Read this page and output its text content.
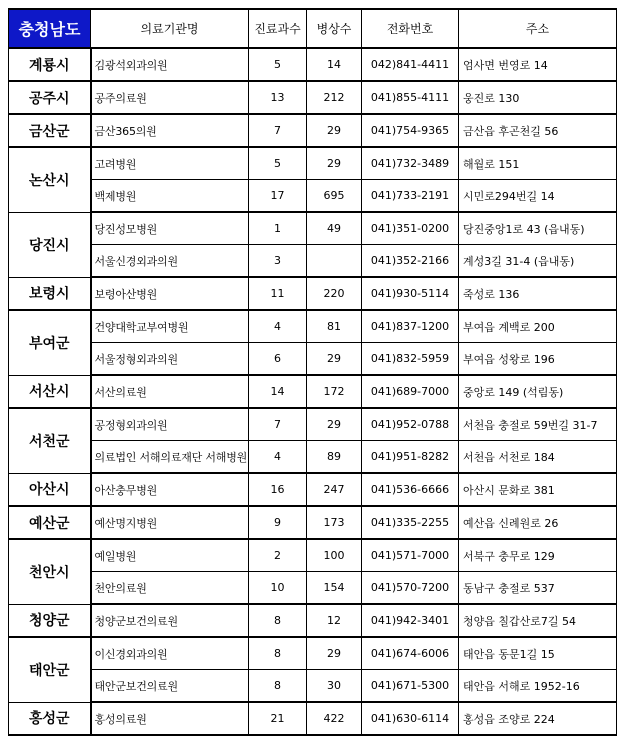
충청남도	의료기관명	진료과수	병상수	전화번호	주소
계룡시	김광석외과의원	5	14	042)841-4411	엄사면 번영로 14
공주시	공주의료원	13	212	041)855-4111	웅진로 130
금산군	금산365의원	7	29	041)754-9365	금산읍 후곤천길 56
논산시	고려병원	5	29	041)732-3489	해월로 151
	백제병원	17	695	041)733-2191	시민로294번길 14
당진시	당진성모병원	1	49	041)351-0200	당진중앙1로 43 (읍내동)
	서울신경외과의원	3		041)352-2166	계성3길 31-4 (읍내동)
보령시	보령아산병원	11	220	041)930-5114	죽성로 136
부여군	건양대학교부여병원	4	81	041)837-1200	부여읍 계백로 200
	서울정형외과의원	6	29	041)832-5959	부여읍 성왕로 196
서산시	서산의료원	14	172	041)689-7000	중앙로 149 (석림동)
서천군	공정형외과의원	7	29	041)952-0788	서천읍 충절로 59번길 31-7
	의료법인 서해의료재단 서해병원	4	89	041)951-8282	서천읍 서천로 184
아산시	아산충무병원	16	247	041)536-6666	아산시 문화로 381
예산군	예산명지병원	9	173	041)335-2255	예산읍 신례원로 26
천안시	예일병원	2	100	041)571-7000	서북구 충무로 129
	천안의료원	10	154	041)570-7200	동남구 충절로 537
청양군	청양군보건의료원	8	12	041)942-3401	청양읍 칠갑산로7길 54
태안군	이신경외과의원	8	29	041)674-6006	태안읍 동문1길 15
	태안군보건의료원	8	30	041)671-5300	태안읍 서해로 1952-16
홍성군	홍성의료원	21	422	041)630-6114	홍성읍 조양로 224
